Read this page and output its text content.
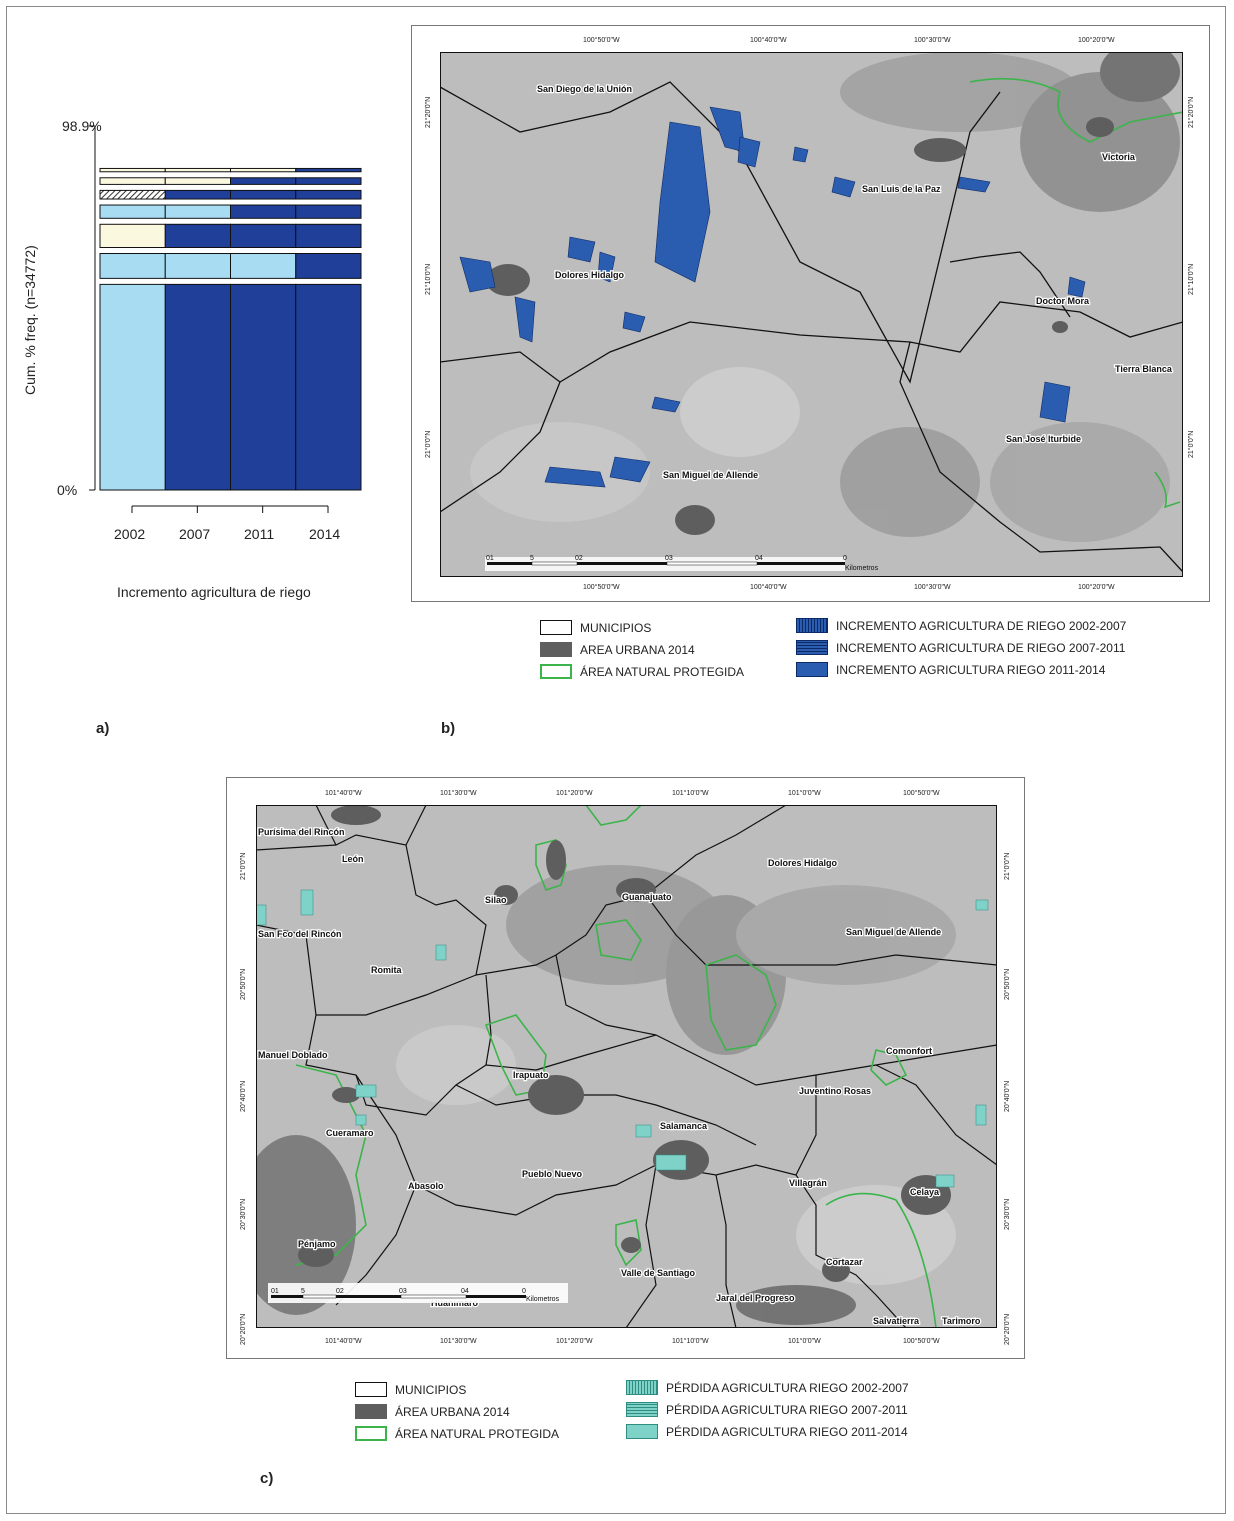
98.9%
0%
Cum. % freq. (n=34772)
2002 2007 2011 2014
Incremento agricultura de riego
a)
100°50'0"W	100°40'0"W	100°30'0"W	100°20'0"W
100°50'0"W	100°40'0"W	100°30'0"W	100°20'0"W
21°20'0"N
21°10'0"N
21°0'0"N
21°20'0"N
21°10'0"N
21°0'0"N
San Diego de la Unión
Victoria
San Luis de la Paz
Dolores Hidalgo
Doctor Mora
Tierra Blanca
San José Iturbide
San Miguel de Allende
01	5	02	03	04	0
Kilometros
MUNICIPIOS
AREA URBANA 2014
ÁREA NATURAL PROTEGIDA
INCREMENTO AGRICULTURA DE RIEGO 2002-2007
INCREMENTO AGRICULTURA DE RIEGO 2007-2011
INCREMENTO AGRICULTURA RIEGO 2011-2014
b)
101°40'0"W	101°30'0"W	101°20'0"W	101°10'0"W	101°0'0"W	100°50'0"W
101°40'0"W	101°30'0"W	101°20'0"W	101°10'0"W	101°0'0"W	100°50'0"W
21°0'0"N
20°50'0"N
20°40'0"N
20°30'0"N
20°20'0"N
21°0'0"N
20°50'0"N
20°40'0"N
20°30'0"N
20°20'0"N
Purísima del Rincón
León	Dolores Hidalgo
Silao	Guanajuato
San Fco del Rincón	San Miguel de Allende
Romita
Manuel Doblado	Comonfort
Irapuato
Juventino Rosas
Cueramaro
Salamanca
Pueblo Nuevo
Abasolo	Villagrán
Celaya
Pénjamo
Cortazar
Valle de Santiago
Jaral del Progreso
Salvatierra	Tarimoro
01	5	02	03	04	0
Kilometros
MUNICIPIOS
ÁREA URBANA 2014
ÁREA NATURAL PROTEGIDA
PÉRDIDA AGRICULTURA RIEGO 2002-2007
PÉRDIDA AGRICULTURA RIEGO 2007-2011
PÉRDIDA AGRICULTURA RIEGO 2011-2014
c)
